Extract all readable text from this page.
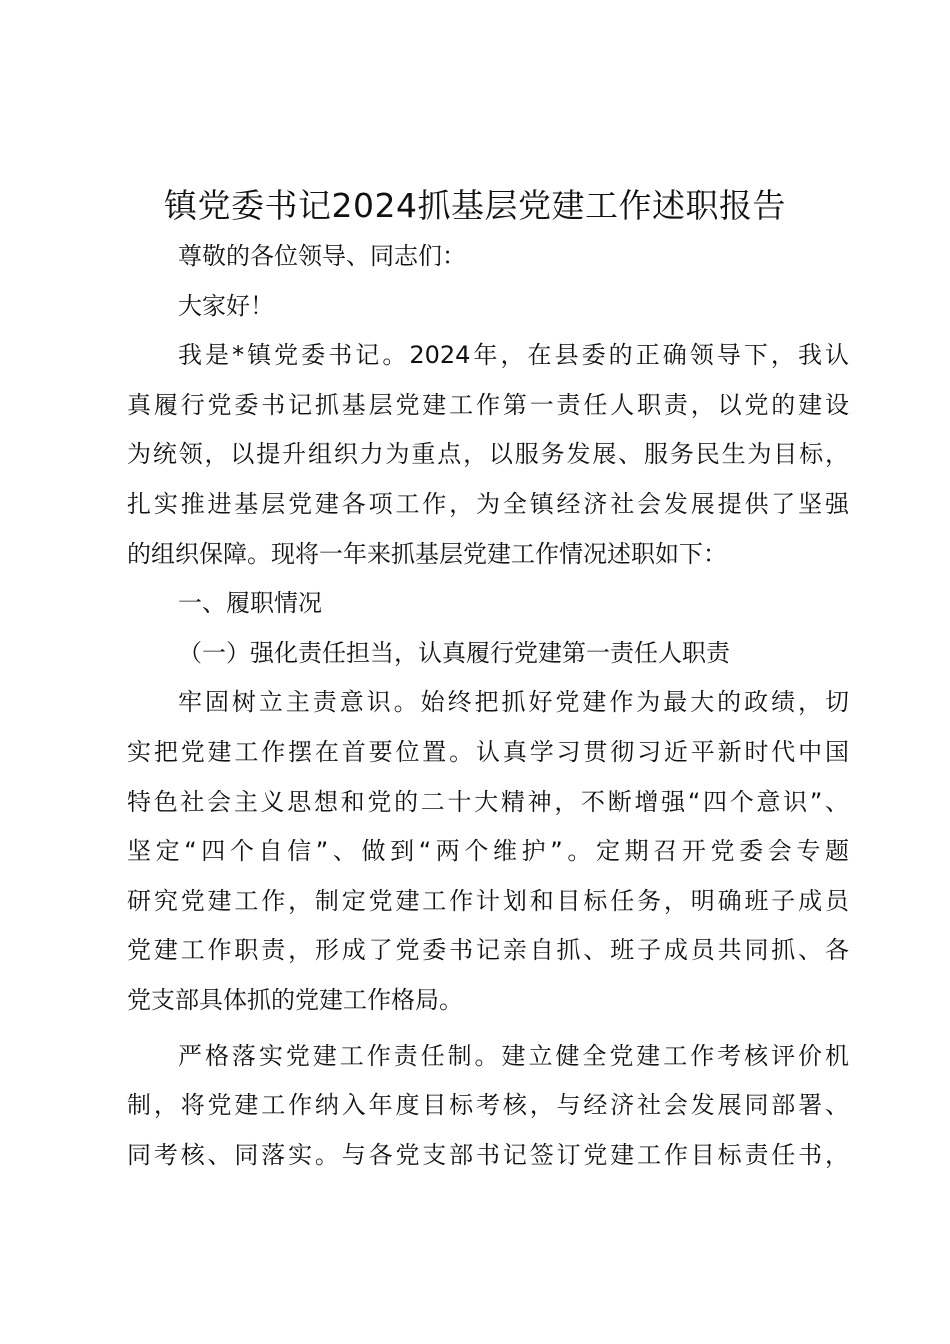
镇党委书记2024抓基层党建工作述职报告
尊敬的各位领导、同志们：
大家好！
我是*镇党委书记。2024年，在县委的正确领导下，我认
真履行党委书记抓基层党建工作第一责任人职责，以党的建设
为统领，以提升组织力为重点，以服务发展、服务民生为目标，
扎实推进基层党建各项工作，为全镇经济社会发展提供了坚强
的组织保障。现将一年来抓基层党建工作情况述职如下：
一、履职情况
（一）强化责任担当，认真履行党建第一责任人职责
牢固树立主责意识。始终把抓好党建作为最大的政绩，切
实把党建工作摆在首要位置。认真学习贯彻习近平新时代中国
特色社会主义思想和党的二十大精神，不断增强“四个意识”、
坚定“四个自信”、做到“两个维护”。定期召开党委会专题
研究党建工作，制定党建工作计划和目标任务，明确班子成员
党建工作职责，形成了党委书记亲自抓、班子成员共同抓、各
党支部具体抓的党建工作格局。
严格落实党建工作责任制。建立健全党建工作考核评价机
制，将党建工作纳入年度目标考核，与经济社会发展同部署、
同考核、同落实。与各党支部书记签订党建工作目标责任书，
